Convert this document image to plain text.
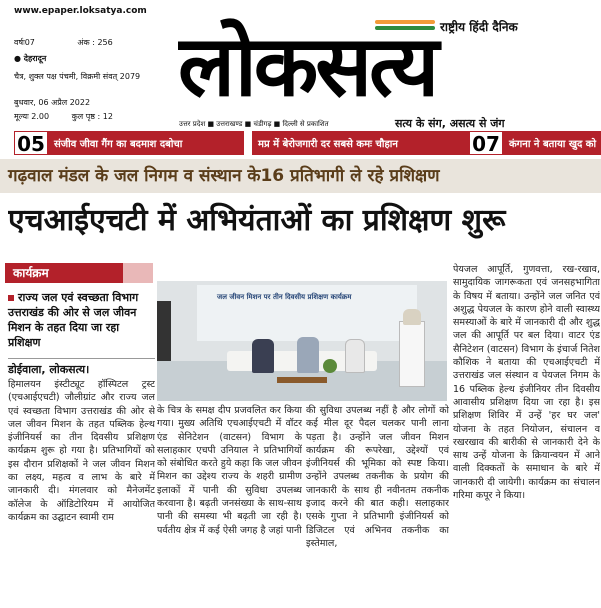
www.epaper.loksatya.com
वर्षः07	अंक : 256
● देहरादून
चैत्र, शुक्ल पक्ष पंचमी, विक्रमी संवत् 2079
बुधवार, 06 अप्रैल 2022
मूल्यः 2.00	कुल पृष्ठ : 12
राष्ट्रीय हिंदी दैनिक
लोकसत्य
उत्तर प्रदेश ■ उत्तराखण्ड ■ चंडीगढ़ ■ दिल्ली से प्रकाशित	सत्य के संग, असत्य से जंग
05 संजीव जीवा गैंग का बदमाश दबोचा	मप्र में बेरोजगारी दर सबसे कमः चौहान	07 कंगना ने बताया खुद को
गढ़वाल मंडल के जल निगम व संस्थान के16 प्रतिभागी ले रहे प्रशिक्षण
एचआईएचटी में अभियंताओं का प्रशिक्षण शुरू
कार्यक्रम
राज्य जल एवं स्वच्छता विभाग उत्तराखंड की ओर से जल जीवन मिशन के तहत दिया जा रहा प्रशिक्षण
डोईवाला, लोकसत्य।
हिमालयन इंस्टीट्यूट हॉस्पिटल ट्रस्ट (एचआईएचटी) जौलीग्रांट और राज्य जल एवं स्वच्छता विभाग उत्तराखंड की ओर से जल जीवन मिशन के तहत पब्लिक हेल्थ इंजीनियर्स का तीन दिवसीय प्रशिक्षण कार्यक्रम शुरू हो गया है। प्रतिभागियों को इस दौरान प्रशिक्षकों ने जल जीवन मिशन का लक्ष्य, महत्व व लाभ के बारे में जानकारी दी। मंगलवार को मैनेजमेंट कॉलेज के ऑडिटोरियम में आयोजित कार्यक्रम का उद्घाटन स्वामी राम
जल जीवन मिशन पर तीन दिवसीय प्रशिक्षण कार्यक्रम
के चित्र के समक्ष दीप प्रजवलित कर किया गया। मुख्य अतिथि एचआईएचटी में वॉटर एंड सेनिटेशन (वाटसन) विभाग के सलाहकार एचपी उनियाल ने प्रतिभागियों को संबोधित करते हुये कहा कि जल जीवन मिशन का उद्देश्य राज्य के शहरी ग्रामीण इलाकों में पानी की सुविधा उपलब्ध करवाना है। बढ़ती जनसंख्या के साथ-साथ पानी की समस्या भी बढ़ती जा रही है। पर्वतीय क्षेत्र में कई ऐसी जगह है जहां पानी
की सुविधा उपलब्ध नहीं है और लोगों को कई मील दूर पैदल चलकर पानी लाना पड़ता है। उन्होंने जल जीवन मिशन कार्यक्रम की रूपरेखा, उद्देश्यों एवं इंजीनियर्स की भूमिका को स्पष्ट किया। उन्होंने उपलब्ध तकनीक के प्रयोग की जानकारी के साथ ही नवीनतम तकनीक इजाद करने की बात कही। सलाहकार एसके गुप्ता ने प्रतिभागी इंजीनियर्स को डिजिटल एवं अभिनव तकनीक का इस्तेमाल,
पेयजल आपूर्ति, गुणवत्ता, रख-रखाव, सामुदायिक जागरूकता एवं जनसहभागिता के विषय में बताया। उन्होंने जल जनित एवं अशुद्ध पेयजल के कारण होने वाली स्वास्थ्य समस्याओं के बारे में जानकारी दी और शुद्ध जल की आपूर्ति पर बल दिया। वाटर एंड सैनिटेशन (वाटसन) विभाग के इंचार्ज नितेश कौशिक ने बताया की एचआईएचटी में उत्तराखंड जल संस्थान व पेयजल निगम के 16 पब्लिक हेल्थ इंजीनियर तीन दिवसीय आवासीय प्रशिक्षण दिया जा रहा है। इस प्रशिक्षण शिविर में उन्हें 'हर घर जल' योजना के तहत नियोजन, संचालन व रखरखाव की बारीकी से जानकारी देने के साथ उन्हें योजना के क्रियान्वयन में आने वाली दिक्कतों के समाधान के बारे में जानकारी दी जायेगी। कार्यक्रम का संचालन गरिमा कपूर ने किया।
